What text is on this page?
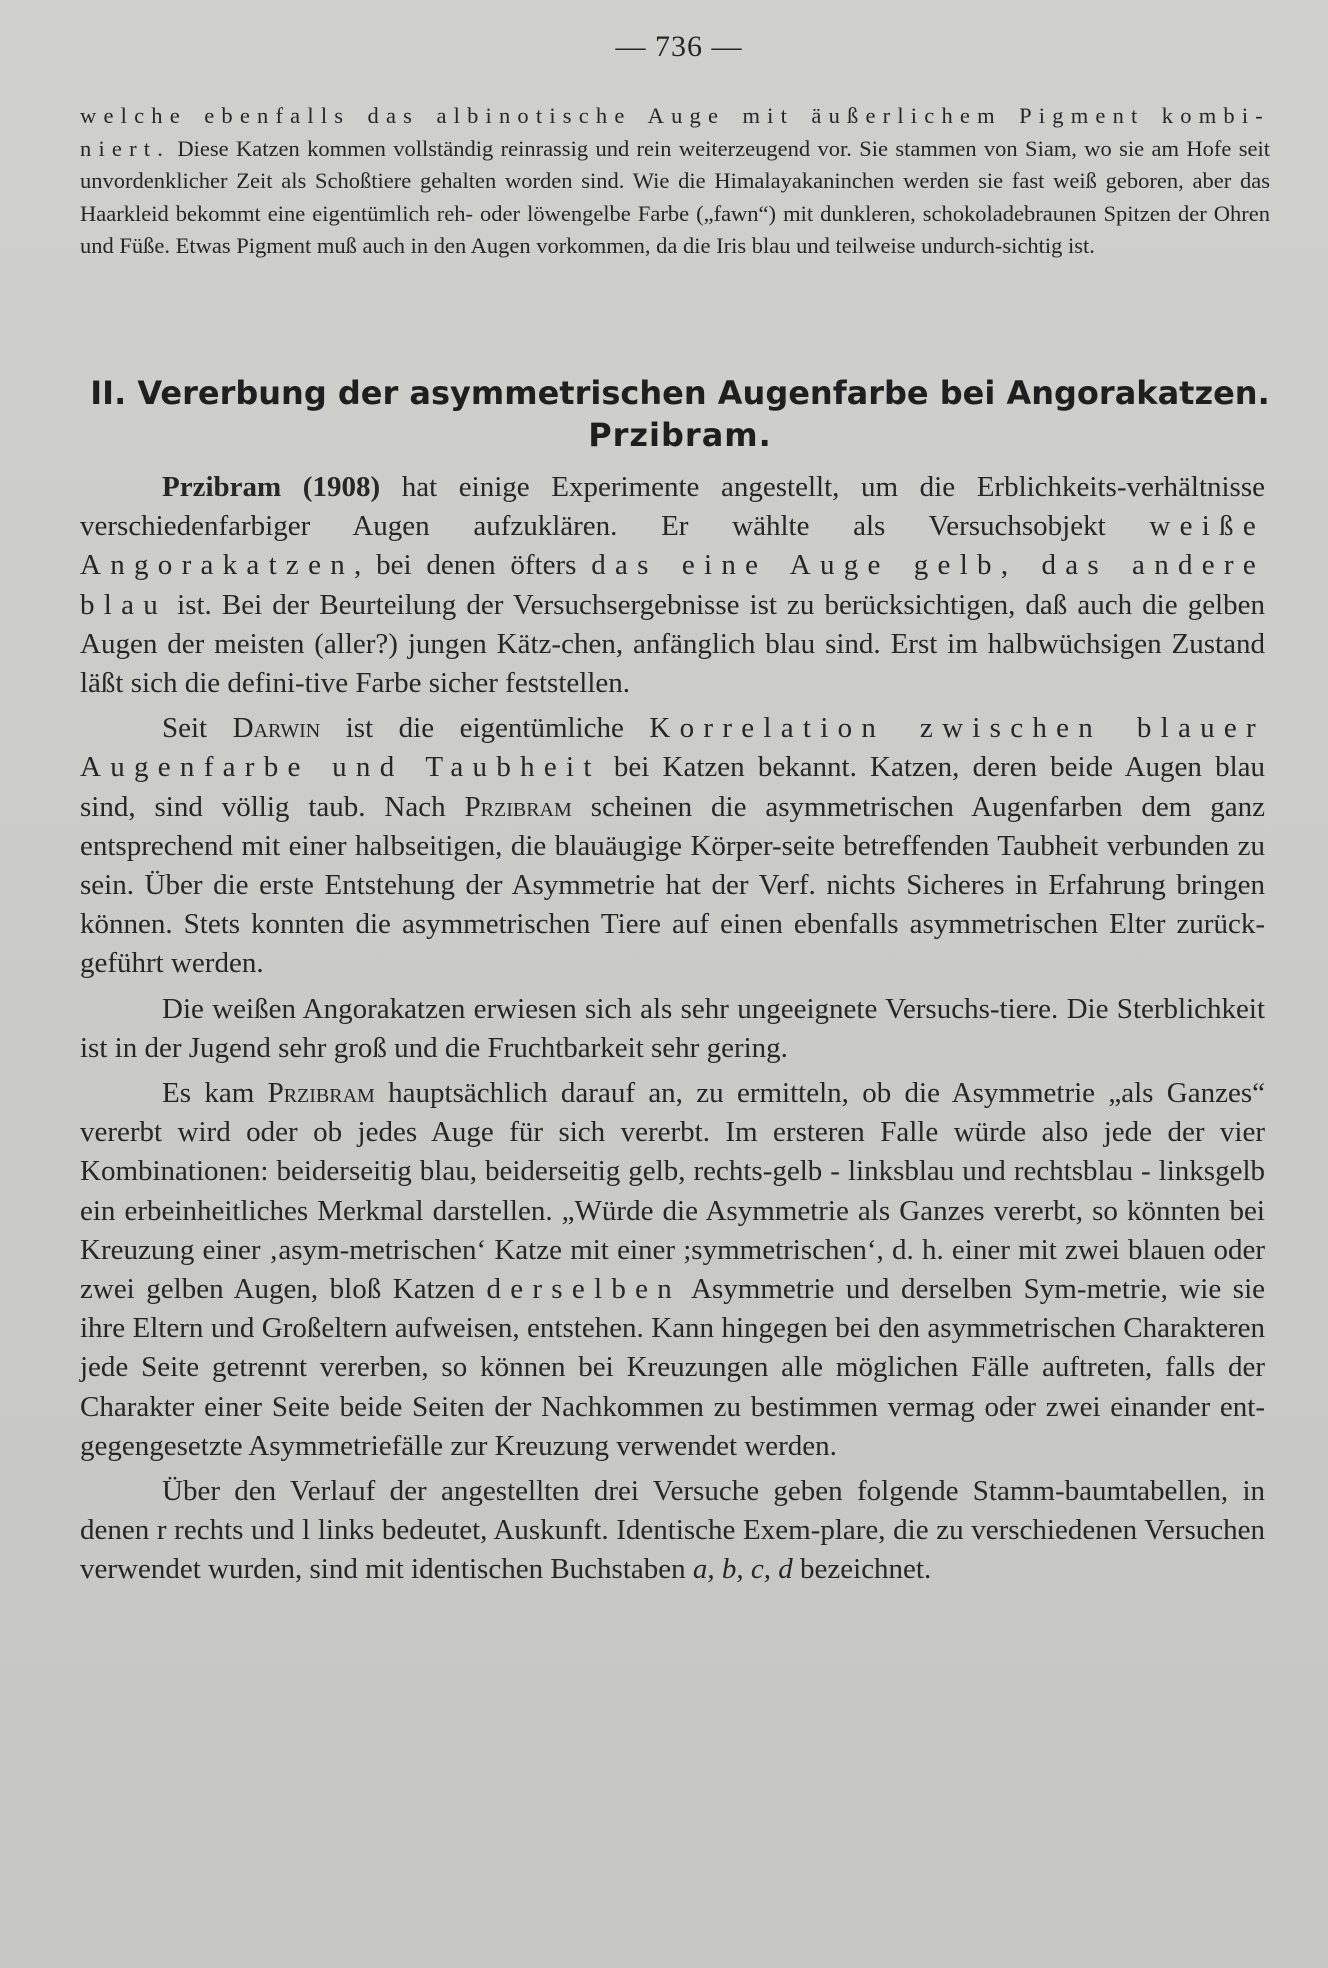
— 736 —

welche ebenfalls das albinotische Auge mit äußerlichem Pigment kombi-niert. Diese Katzen kommen vollständig reinrassig und rein weiterzeugend vor. Sie stammen von Siam, wo sie am Hofe seit unvordenklicher Zeit als Schoßtiere gehalten worden sind. Wie die Himalayakaninchen werden sie fast weiß geboren, aber das Haarkleid bekommt eine eigentümlich reh- oder löwengelbe Farbe („fawn“) mit dunkleren, schokoladebraunen Spitzen der Ohren und Füße. Etwas Pigment muß auch in den Augen vorkommen, da die Iris blau und teilweise undurch-sichtig ist.

II. Vererbung der asymmetrischen Augenfarbe bei Angorakatzen.
Przibram.

Przibram (1908) hat einige Experimente angestellt, um die Erblichkeits-verhältnisse verschiedenfarbiger Augen aufzuklären. Er wählte als Versuchsobjekt weiße Angorakatzen, bei denen öfters das eine Auge gelb, das andere blau ist. Bei der Beurteilung der Versuchsergebnisse ist zu berücksichtigen, daß auch die gelben Augen der meisten (aller?) jungen Kätz-chen, anfänglich blau sind. Erst im halbwüchsigen Zustand läßt sich die defini-tive Farbe sicher feststellen.

Seit Darwin ist die eigentümliche Korrelation zwischen blauer Augenfarbe und Taubheit bei Katzen bekannt. Katzen, deren beide Augen blau sind, sind völlig taub. Nach Przibram scheinen die asymmetrischen Augenfarben dem ganz entsprechend mit einer halbseitigen, die blauäugige Körper-seite betreffenden Taubheit verbunden zu sein. Über die erste Entstehung der Asymmetrie hat der Verf. nichts Sicheres in Erfahrung bringen können. Stets konnten die asymmetrischen Tiere auf einen ebenfalls asymmetrischen Elter zurück-geführt werden.

Die weißen Angorakatzen erwiesen sich als sehr ungeeignete Versuchs-tiere. Die Sterblichkeit ist in der Jugend sehr groß und die Fruchtbarkeit sehr gering.

Es kam Przibram hauptsächlich darauf an, zu ermitteln, ob die Asymmetrie „als Ganzes“ vererbt wird oder ob jedes Auge für sich vererbt. Im ersteren Falle würde also jede der vier Kombinationen: beiderseitig blau, beiderseitig gelb, rechts-gelb - linksblau und rechtsblau - linksgelb ein erbeinheitliches Merkmal darstellen. „Würde die Asymmetrie als Ganzes vererbt, so könnten bei Kreuzung einer ‚asym-metrischen‘ Katze mit einer ;symmetrischen‘, d. h. einer mit zwei blauen oder zwei gelben Augen, bloß Katzen derselben Asymmetrie und derselben Sym-metrie, wie sie ihre Eltern und Großeltern aufweisen, entstehen. Kann hingegen bei den asymmetrischen Charakteren jede Seite getrennt vererben, so können bei Kreuzungen alle möglichen Fälle auftreten, falls der Charakter einer Seite beide Seiten der Nachkommen zu bestimmen vermag oder zwei einander ent-gegengesetzte Asymmetriefälle zur Kreuzung verwendet werden.

Über den Verlauf der angestellten drei Versuche geben folgende Stamm-baumtabellen, in denen r rechts und l links bedeutet, Auskunft. Identische Exem-plare, die zu verschiedenen Versuchen verwendet wurden, sind mit identischen Buchstaben a, b, c, d bezeichnet.
